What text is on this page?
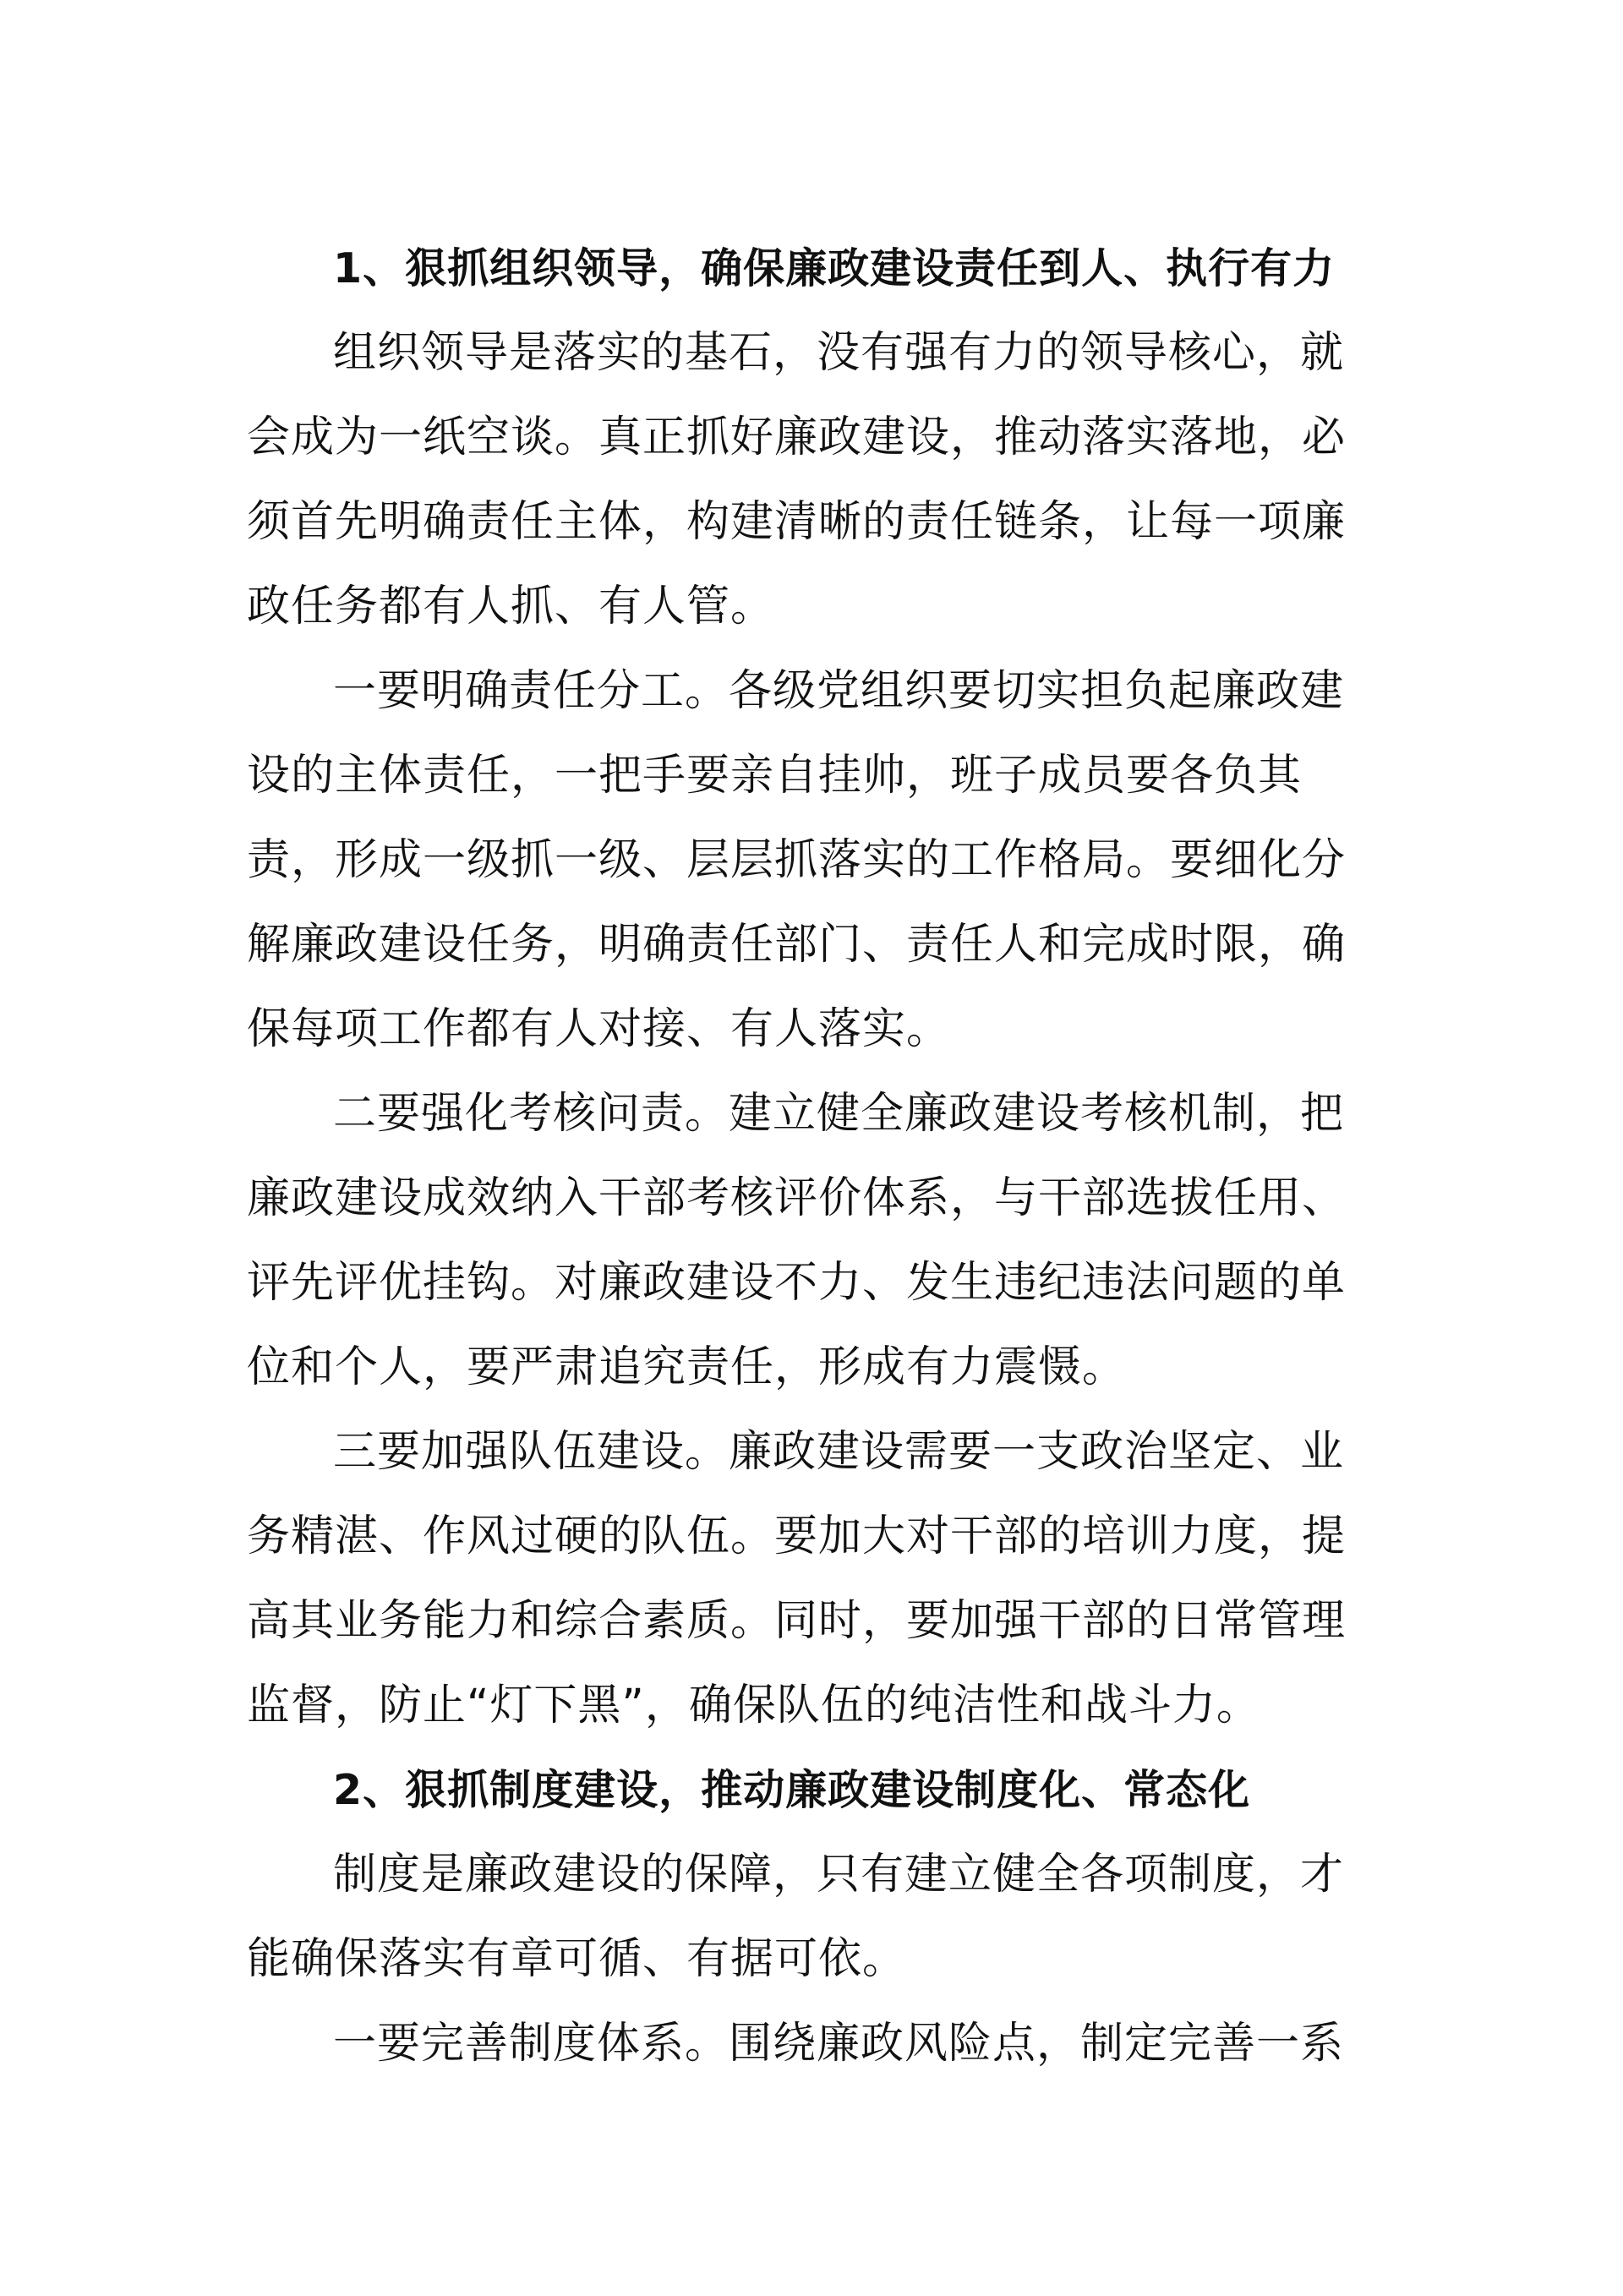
1、狠抓组织领导，确保廉政建设责任到人、执行有力
组织领导是落实的基石，没有强有力的领导核心，就
会成为一纸空谈。真正抓好廉政建设，推动落实落地，必
须首先明确责任主体，构建清晰的责任链条，让每一项廉
政任务都有人抓、有人管。
一要明确责任分工。各级党组织要切实担负起廉政建
设的主体责任，一把手要亲自挂帅，班子成员要各负其
责，形成一级抓一级、层层抓落实的工作格局。要细化分
解廉政建设任务，明确责任部门、责任人和完成时限，确
保每项工作都有人对接、有人落实。
二要强化考核问责。建立健全廉政建设考核机制，把
廉政建设成效纳入干部考核评价体系，与干部选拔任用、
评先评优挂钩。对廉政建设不力、发生违纪违法问题的单
位和个人，要严肃追究责任，形成有力震慑。
三要加强队伍建设。廉政建设需要一支政治坚定、业
务精湛、作风过硬的队伍。要加大对干部的培训力度，提
高其业务能力和综合素质。同时，要加强干部的日常管理
监督，防止“灯下黑”，确保队伍的纯洁性和战斗力。
2、狠抓制度建设，推动廉政建设制度化、常态化
制度是廉政建设的保障，只有建立健全各项制度，才
能确保落实有章可循、有据可依。
一要完善制度体系。围绕廉政风险点，制定完善一系
